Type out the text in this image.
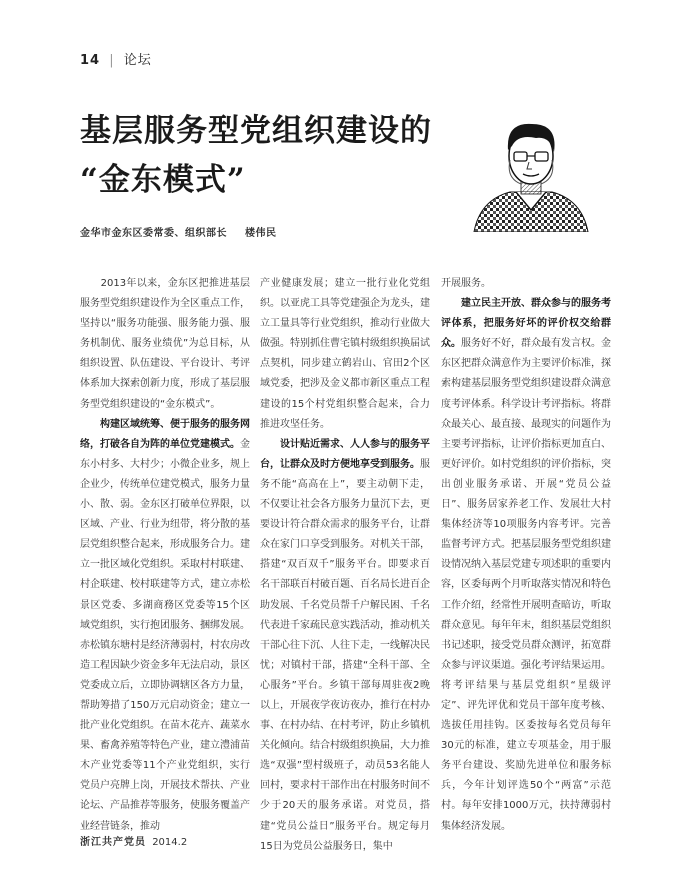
14 | 论坛
基层服务型党组织建设的
“金东模式”
金华市金东区委常委、组织部长 楼伟民

　　2013年以来，金东区把推进基层服务型党组织建设作为全区重点工作，坚持以“服务功能强、服务能力强、服务机制优、服务业绩优”为总目标，从组织设置、队伍建设、平台设计、考评体系加大探索创新力度，形成了基层服务型党组织建设的“金东模式”。

　　构建区域统筹、便于服务的服务网络，打破各自为阵的单位党建模式。金东小村多、大村少；小微企业多，规上企业少，传统单位建党模式，服务力量小、散、弱。金东区打破单位界限，以区域、产业、行业为纽带，将分散的基层党组织整合起来，形成服务合力。建立一批区域化党组织。采取村村联建、村企联建、校村联建等方式，建立赤松景区党委、多湖商務区党委等15个区域党组织，实行抱团服务、捆绑发展。赤松镇东塘村是经济薄弱村，村农房改造工程因缺少资金多年无法启动，景区党委成立后，立即协调辖区各方力量，帮助筹措了150万元启动资金；建立一批产业化党组织。在苗木花卉、蔬菜水果、畜禽养殖等特色产业，建立澧浦苗木产业党委等11个产业党组织，实行党员户亮牌上岗，开展技术帮扶、产业论坛、产品推荐等服务，使服务覆盖产业经营链条，推动

产业健康发展；建立一批行业化党组织。以亚虎工具等党建强企为龙头，建立工量具等行业党组织，推动行业做大做强。特别抓住曹宅镇村级组织换届试点契机，同步建立鹤岩山、官田2个区域党委，把涉及金义都市新区重点工程建设的15个村党组织整合起来，合力推进攻坚任务。

　　设计贴近需求、人人参与的服务平台，让群众及时方便地享受到服务。服务不能“高高在上”，要主动朝下走，不仅要让社会各方服务力量沉下去，更要设计符合群众需求的服务平台，让群众在家门口享受到服务。对机关干部，搭建“双百双千”服务平台。即要求百名干部联百村破百题、百名局长进百企助发展、千名党员帮千户解民困、千名代表进千家疏民意实践活动，推动机关干部心往下沉、人往下走，一线解决民忧；对镇村干部，搭建“全科干部、全心服务”平台。乡镇干部每周驻夜2晚以上，开展夜学夜访夜办，推行在村办事、在村办结、在村考评，防止乡镇机关化倾向。结合村级组织换届，大力推选“双强”型村级班子，动员53名能人回村，要求村干部作出在村服务时间不少于20天的服务承诺。对党员，搭建“党员公益日”服务平台。规定每月15日为党员公益服务日，集中

开展服务。

　　建立民主开放、群众参与的服务考评体系，把服务好坏的评价权交给群众。服务好不好，群众最有发言权。金东区把群众满意作为主要评价标准，探索构建基层服务型党组织建设群众满意度考评体系。科学设计考评指标。将群众最关心、最直接、最现实的问题作为主要考评指标，让评价指标更加直白、更好评价。如村党组织的评价指标，突出创业服务承诺、开展“党员公益日”、服务居家养老工作、发展壮大村集体经济等10项服务内容考评。完善监督考评方式。把基层服务型党组织建设情况纳入基层党建专项述职的重要内容，区委每两个月听取落实情况和特色工作介绍，经常性开展明查暗访，听取群众意见。每年年末，组织基层党组织书记述职，接受党员群众测评，拓宽群众参与评议渠道。强化考评结果运用。将考评结果与基层党组织“星级评定”、评先评优和党员干部年度考核、选拔任用挂钩。区委按每名党员每年30元的标准，建立专项基金，用于服务平台建设、奖励先进单位和服务标兵，今年计划评选50个“两富”示范村。每年安排1000万元，扶持薄弱村集体经济发展。

浙江共产党员 2014.2
